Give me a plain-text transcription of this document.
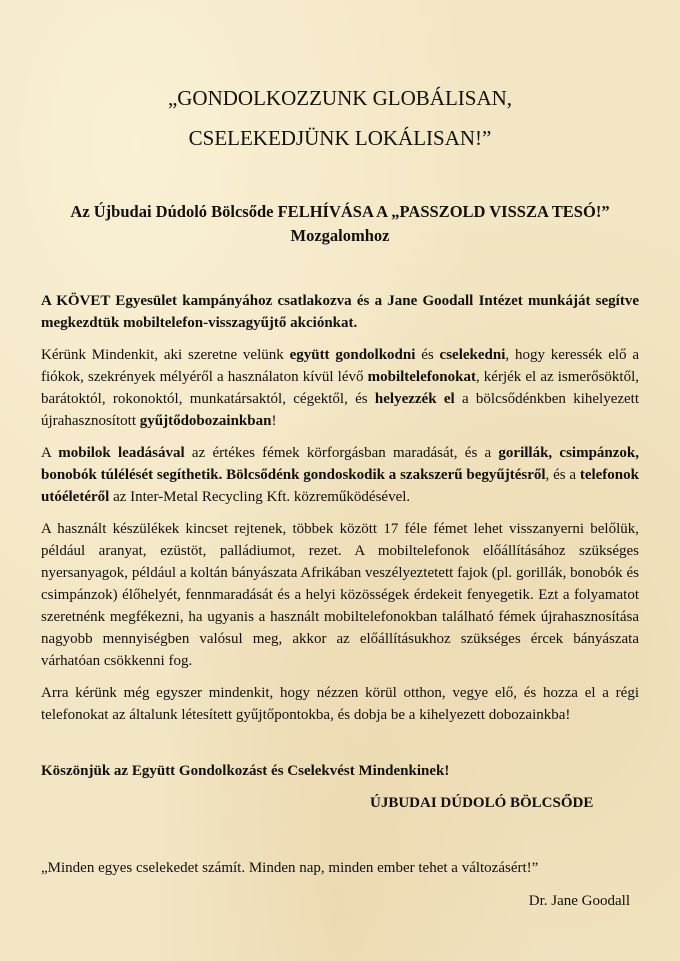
„GONDOLKOZZUNK GLOBÁLISAN,
CSELEKEDJÜNK LOKÁLISAN!”
Az Újbudai Dúdoló Bölcsőde FELHÍVÁSA A „PASSZOLD VISSZA TESÓ!” Mozgalomhoz

A KÖVET Egyesület kampányához csatlakozva és a Jane Goodall Intézet munkáját segítve megkezdtük mobiltelefon-visszagyűjtő akciónkat.

Kérünk Mindenkit, aki szeretne velünk együtt gondolkodni és cselekedni, hogy keressék elő a fiókok, szekrények mélyéről a használaton kívül lévő mobiltelefonokat, kérjék el az ismerősöktől, barátoktól, rokonoktól, munkatársaktól, cégektől, és helyezzék el a bölcsődénkben kihelyezett újrahasznosított gyűjtődobozainkban!

A mobilok leadásával az értékes fémek körforgásban maradását, és a gorillák, csimpánzok, bonobók túlélését segíthetik. Bölcsődénk gondoskodik a szakszerű begyűjtésről, és a telefonok utóéletéről az Inter-Metal Recycling Kft. közreműködésével.

A használt készülékek kincset rejtenek, többek között 17 féle fémet lehet visszanyerni belőlük, például aranyat, ezüstöt, palládiumot, rezet. A mobiltelefonok előállításához szükséges nyersanyagok, például a koltán bányászata Afrikában veszélyeztetett fajok (pl. gorillák, bonobók és csimpánzok) élőhelyét, fennmaradását és a helyi közösségek érdekeit fenyegetik. Ezt a folyamatot szeretnénk megfékezni, ha ugyanis a használt mobiltelefonokban található fémek újrahasznosítása nagyobb mennyiségben valósul meg, akkor az előállításukhoz szükséges ércek bányászata várhatóan csökkenni fog.

Arra kérünk még egyszer mindenkit, hogy nézzen körül otthon, vegye elő, és hozza el a régi telefonokat az általunk létesített gyűjtőpontokba, és dobja be a kihelyezett dobozainkba!

Köszönjük az Együtt Gondolkozást és Cselekvést Mindenkinek!

ÚJBUDAI DÚDOLÓ BÖLCSŐDE

„Minden egyes cselekedet számít. Minden nap, minden ember tehet a változásért!”

Dr. Jane Goodall
